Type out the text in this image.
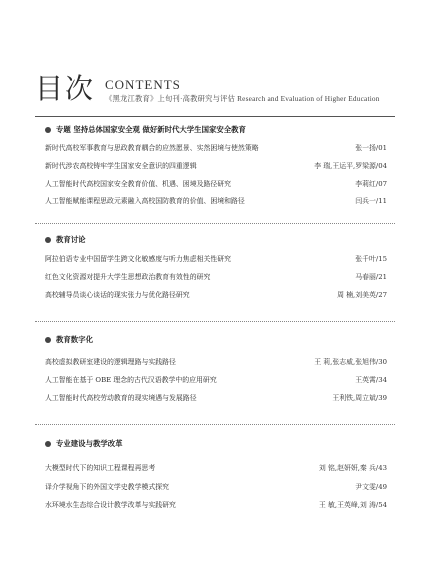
目次 CONTENTS
《黑龙江教育》上旬刊·高教研究与评估 Research and Evaluation of Higher Education
专题 坚持总体国家安全观 做好新时代大学生国家安全教育
新时代高校军事教育与思政教育耦合的应然愿景、实然困境与使然策略	张一扬/01
新时代涉农高校铸牢学生国家安全意识的四重逻辑	李 瑞,王运平,罗梁源/04
人工智能时代高校国家安全教育价值、机遇、困境及路径研究	李莉红/07
人工智能赋能课程思政元素融入高校国防教育的价值、困境和路径	闫兵一/11
教育讨论
阿拉伯语专业中国留学生跨文化敏感度与听力焦虑相关性研究	张千叶/15
红色文化资源对提升大学生思想政治教育有效性的研究	马春丽/21
高校辅导员谈心谈话的现实张力与优化路径研究	周 楠,刘美英/27
教育数字化
高校虚拟教研室建设的逻辑理路与实践路径	王 莉,张志威,张旭伟/30
人工智能在基于 OBE 理念的古代汉语教学中的应用研究	王英霄/34
人工智能时代高校劳动教育的现实境遇与发展路径	王利铁,周立斌/39
专业建设与教学改革
大模型时代下的知识工程课程再思考	刘 铭,赵妍妍,秦 兵/43
译介学视角下的外国文学史教学模式探究	尹文雯/49
水环境水生态综合设计教学改革与实践研究	王 敏,王英峰,刘 涛/54
